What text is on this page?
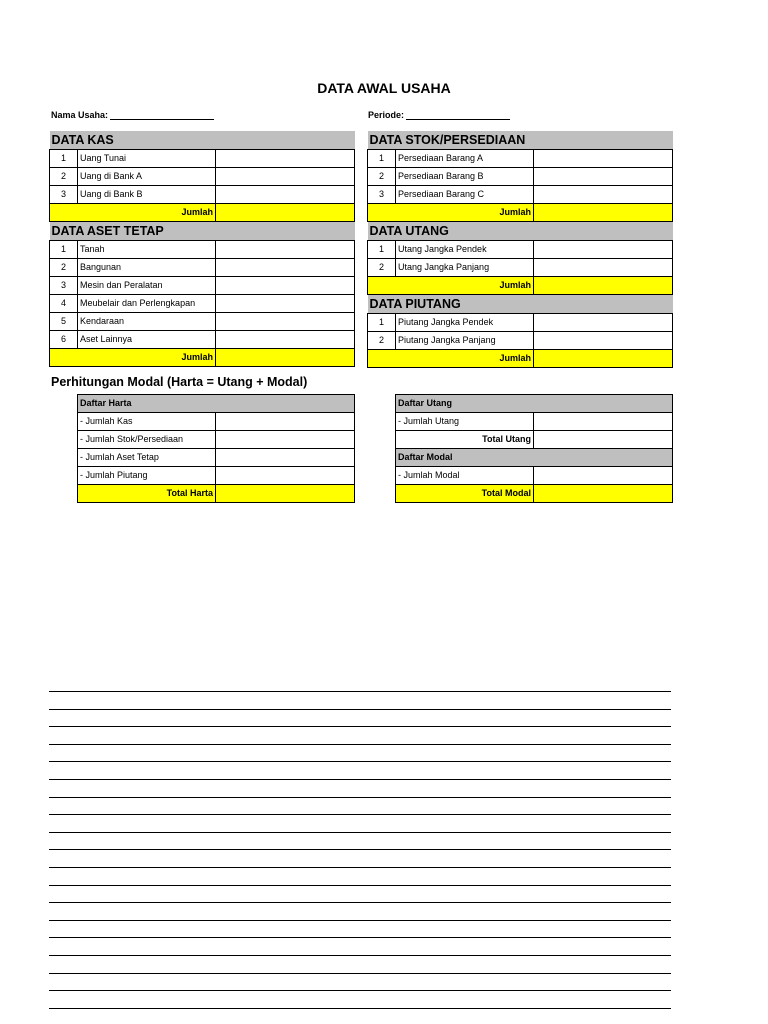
DATA AWAL USAHA
Nama Usaha:	Periode:
DATA KAS		
1	Uang Tunai	
2	Uang di Bank A	
3	Uang di Bank B	
Jumlah		
DATA ASET TETAP		
1	Tanah	
2	Bangunan	
3	Mesin dan Peralatan	
4	Meubelair dan Perlengkapan	
5	Kendaraan	
6	Aset Lainnya	
Jumlah		
DATA STOK/PERSEDIAAN		
1	Persediaan Barang A	
2	Persediaan Barang B	
3	Persediaan Barang C	
Jumlah		
DATA UTANG		
1	Utang Jangka Pendek	
2	Utang Jangka Panjang	
Jumlah		
DATA PIUTANG		
1	Piutang Jangka Pendek	
2	Piutang Jangka Panjang	
Jumlah		
Perhitungan Modal (Harta = Utang + Modal)
Daftar Harta	
- Jumlah Kas	
- Jumlah Stok/Persediaan	
- Jumlah Aset Tetap	
- Jumlah Piutang	
Total Harta	
Daftar Utang	
- Jumlah Utang	
Total Utang	
Daftar Modal	
- Jumlah Modal	
Total Modal	
